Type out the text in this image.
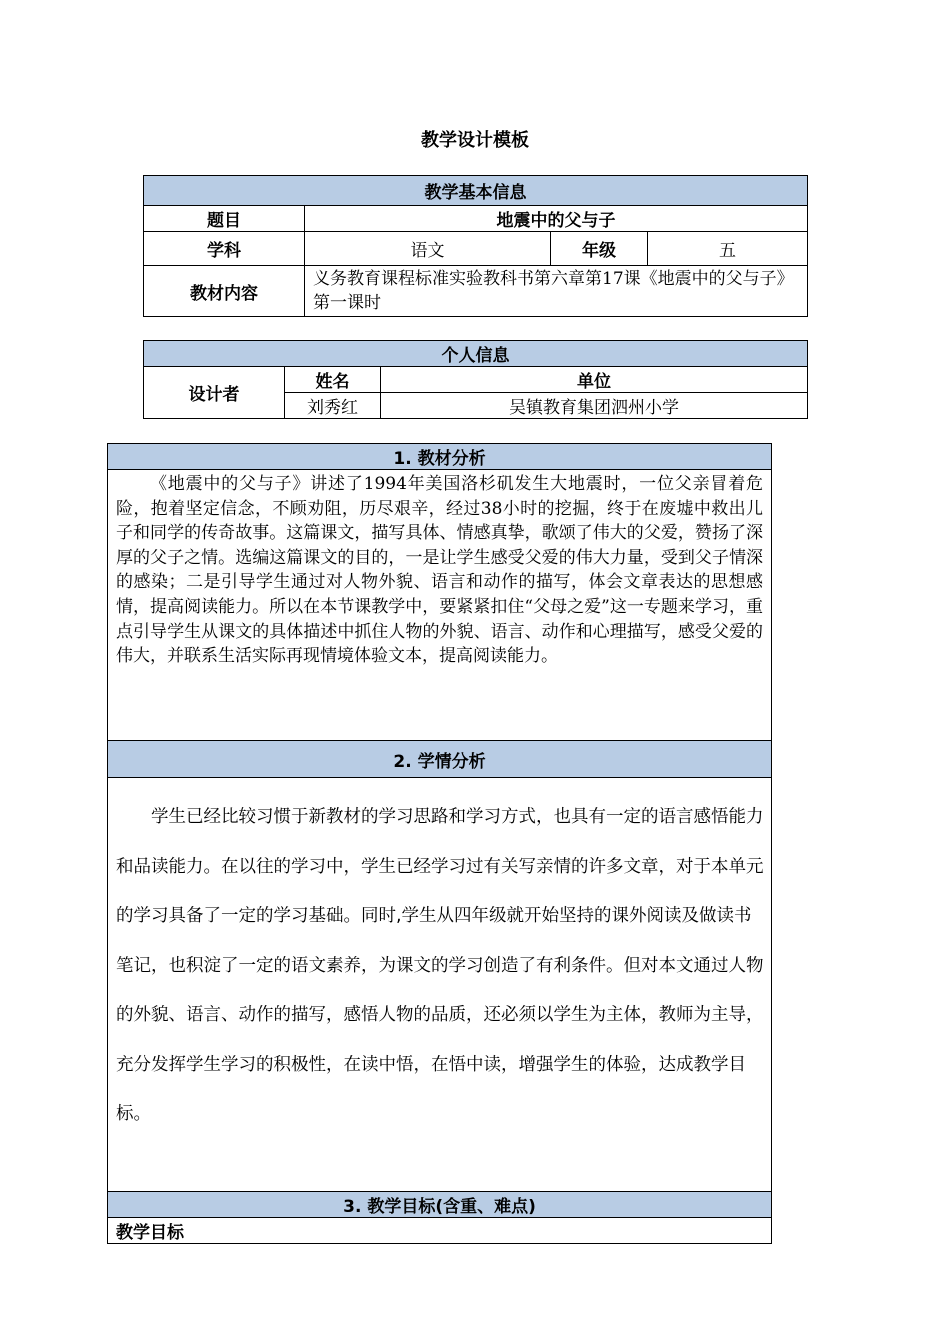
教学设计模板
教学基本信息			
题目	地震中的父与子		
学科	语文	年级	五
教材内容	义务教育课程标准实验教科书第六章第17课《地震中的父与子》第一课时		
个人信息		
设计者	姓名	单位
	刘秀红	吴镇教育集团泗州小学
1. 教材分析
《地震中的父与子》讲述了1994年美国洛杉矶发生大地震时，一位父亲冒着危险，抱着坚定信念，不顾劝阻，历尽艰辛，经过38小时的挖掘，终于在废墟中救出儿子和同学的传奇故事。这篇课文，描写具体、情感真挚，歌颂了伟大的父爱，赞扬了深厚的父子之情。选编这篇课文的目的，一是让学生感受父爱的伟大力量，受到父子情深的感染；二是引导学生通过对人物外貌、语言和动作的描写，体会文章表达的思想感情，提高阅读能力。所以在本节课教学中，要紧紧扣住“父母之爱”这一专题来学习，重点引导学生从课文的具体描述中抓住人物的外貌、语言、动作和心理描写，感受父爱的伟大，并联系生活实际再现情境体验文本，提高阅读能力。
2. 学情分析
学生已经比较习惯于新教材的学习思路和学习方式，也具有一定的语言感悟能力和品读能力。在以往的学习中，学生已经学习过有关写亲情的许多文章，对于本单元的学习具备了一定的学习基础。同时,学生从四年级就开始坚持的课外阅读及做读书笔记，也积淀了一定的语文素养，为课文的学习创造了有利条件。但对本文通过人物的外貌、语言、动作的描写，感悟人物的品质，还必须以学生为主体，教师为主导，充分发挥学生学习的积极性，在读中悟，在悟中读，增强学生的体验，达成教学目标。
3. 教学目标(含重、难点)
教学目标
